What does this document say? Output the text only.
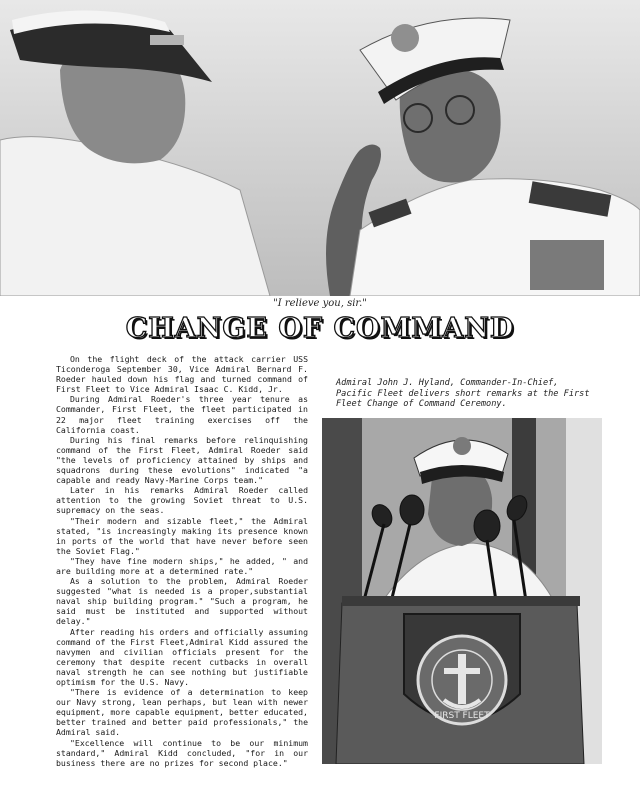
"I relieve you, sir."
CHANGE OF COMMAND

On the flight deck of the attack carrier USS Ticonderoga September 30, Vice Admiral Bernard F. Roeder hauled down his flag and turned command of First Fleet to Vice Admiral Isaac C. Kidd, Jr.

During Admiral Roeder's three year tenure as Commander, First Fleet, the fleet participated in 22 major fleet training exercises off the California coast.

During his final remarks before relinquishing command of the First Fleet, Admiral Roeder said "the levels of proficiency attained by ships and squadrons during these evolutions" indicated "a capable and ready Navy-Marine Corps team."

Later in his remarks Admiral Roeder called attention to the growing Soviet threat to U.S. supremacy on the seas.

"Their modern and sizable fleet," the Admiral stated, "is increasingly making its presence known in ports of the world that have never before seen the Soviet Flag."

"They have fine modern ships," he added, " and are building more at a determined rate."

As a solution to the problem, Admiral Roeder suggested "what is needed is a proper,substantial naval ship building program." "Such a program, he said must be instituted and supported without delay."

After reading his orders and officially assuming command of the First Fleet,Admiral Kidd assured the navymen and civilian officials present for the ceremony that despite recent cutbacks in overall naval strength he can see nothing but justifiable optimism for the U.S. Navy.

"There is evidence of a determination to keep our Navy strong, lean perhaps, but lean with newer equipment, more capable equipment, better educated, better trained and better paid professionals," the Admiral said.

"Excellence will continue to be our minimum standard," Admiral Kidd concluded, "for in our business there are no prizes for second place."

Admiral John J. Hyland, Commander-In-Chief, Pacific Fleet delivers short remarks at the First Fleet Change of Command Ceremony.
FIRST FLEET
